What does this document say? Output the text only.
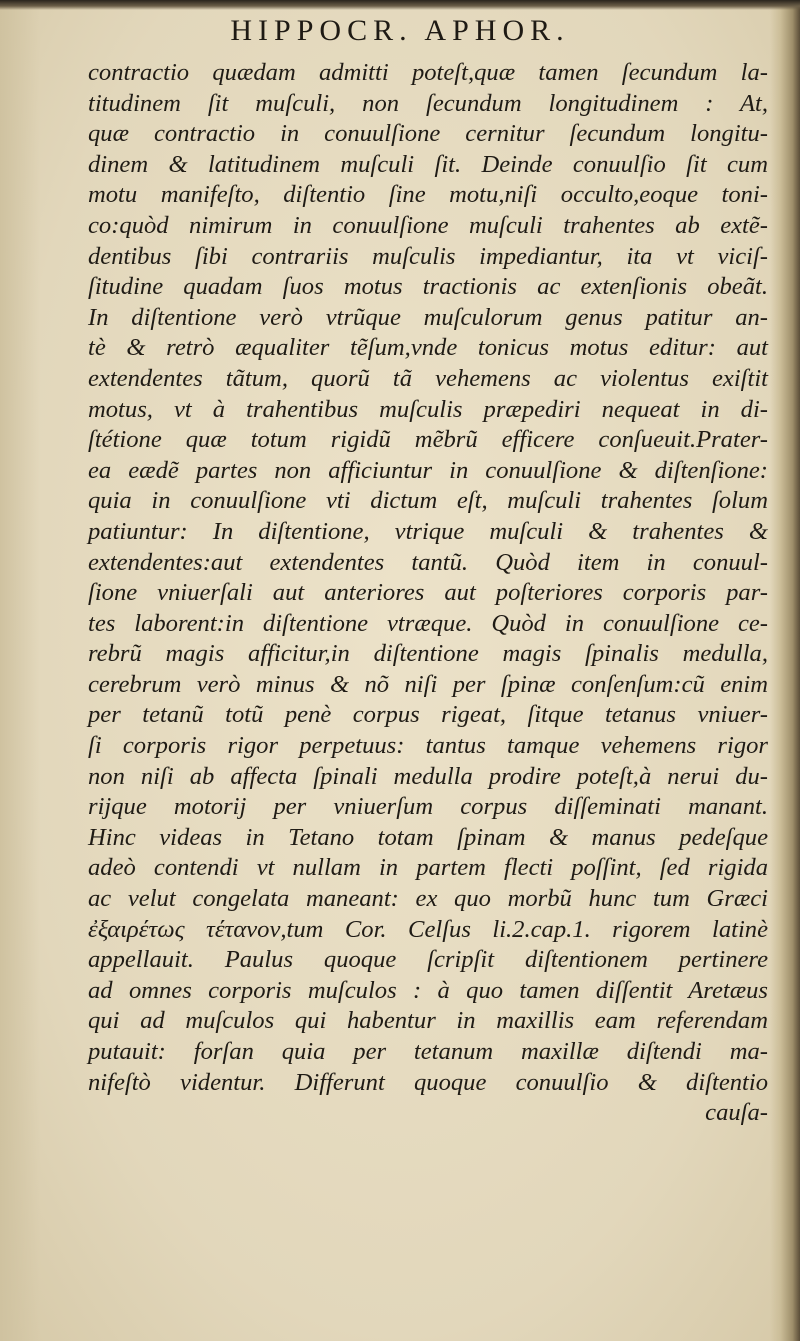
HIPPOCR. APHOR.
contractio quædam admitti poteſt,quæ tamen ſecundum la-
titudinem ſit muſculi, non ſecundum longitudinem : At,
quæ contractio in conuulſione cernitur ſecundum longitu-
dinem & latitudinem muſculi ſit. Deinde conuulſio ſit cum
motu manifeſto, diſtentio ſine motu,niſi occulto,eoque toni-
co:quòd nimirum in conuulſione muſculi trahentes ab extẽ-
dentibus ſibi contrariis muſculis impediantur, ita vt viciſ-
ſitudine quadam ſuos motus tractionis ac extenſionis obeãt.
In diſtentione verò vtrũque muſculorum genus patitur an-
tè & retrò æqualiter tẽſum,vnde tonicus motus editur: aut
extendentes tãtum, quorũ tã vehemens ac violentus exiſtit
motus, vt à trahentibus muſculis præpediri nequeat in di-
ſtétione quæ totum rigidũ mẽbrũ efficere conſueuit.Prater-
ea eædẽ partes non afficiuntur in conuulſione & diſtenſione:
quia in conuulſione vti dictum eſt, muſculi trahentes ſolum
patiuntur: In diſtentione, vtrique muſculi & trahentes &
extendentes:aut extendentes tantũ. Quòd item in conuul-
ſione vniuerſali aut anteriores aut poſteriores corporis par-
tes laborent:in diſtentione vtræque. Quòd in conuulſione ce-
rebrũ magis afficitur,in diſtentione magis ſpinalis medulla,
cerebrum verò minus & nõ niſi per ſpinæ conſenſum:cũ enim
per tetanũ totũ penè corpus rigeat, ſitque tetanus vniuer-
ſi corporis rigor perpetuus: tantus tamque vehemens rigor
non niſi ab affecta ſpinali medulla prodire poteſt,à nerui du-
rijque motorij per vniuerſum corpus diſſeminati manant.
Hinc videas in Tetano totam ſpinam & manus pedeſque
adeò contendi vt nullam in partem flecti poſſint, ſed rigida
ac velut congelata maneant: ex quo morbũ hunc tum Græci
ἐξαιρέτως τέτανον,tum Cor. Celſus li.2.cap.1. rigorem latinè
appellauit. Paulus quoque ſcripſit diſtentionem pertinere
ad omnes corporis muſculos : à quo tamen diſſentit Aretæus
qui ad muſculos qui habentur in maxillis eam referendam
putauit: forſan quia per tetanum maxillæ diſtendi ma-
nifeſtò videntur. Differunt quoque conuulſio & diſtentio
cauſa-
